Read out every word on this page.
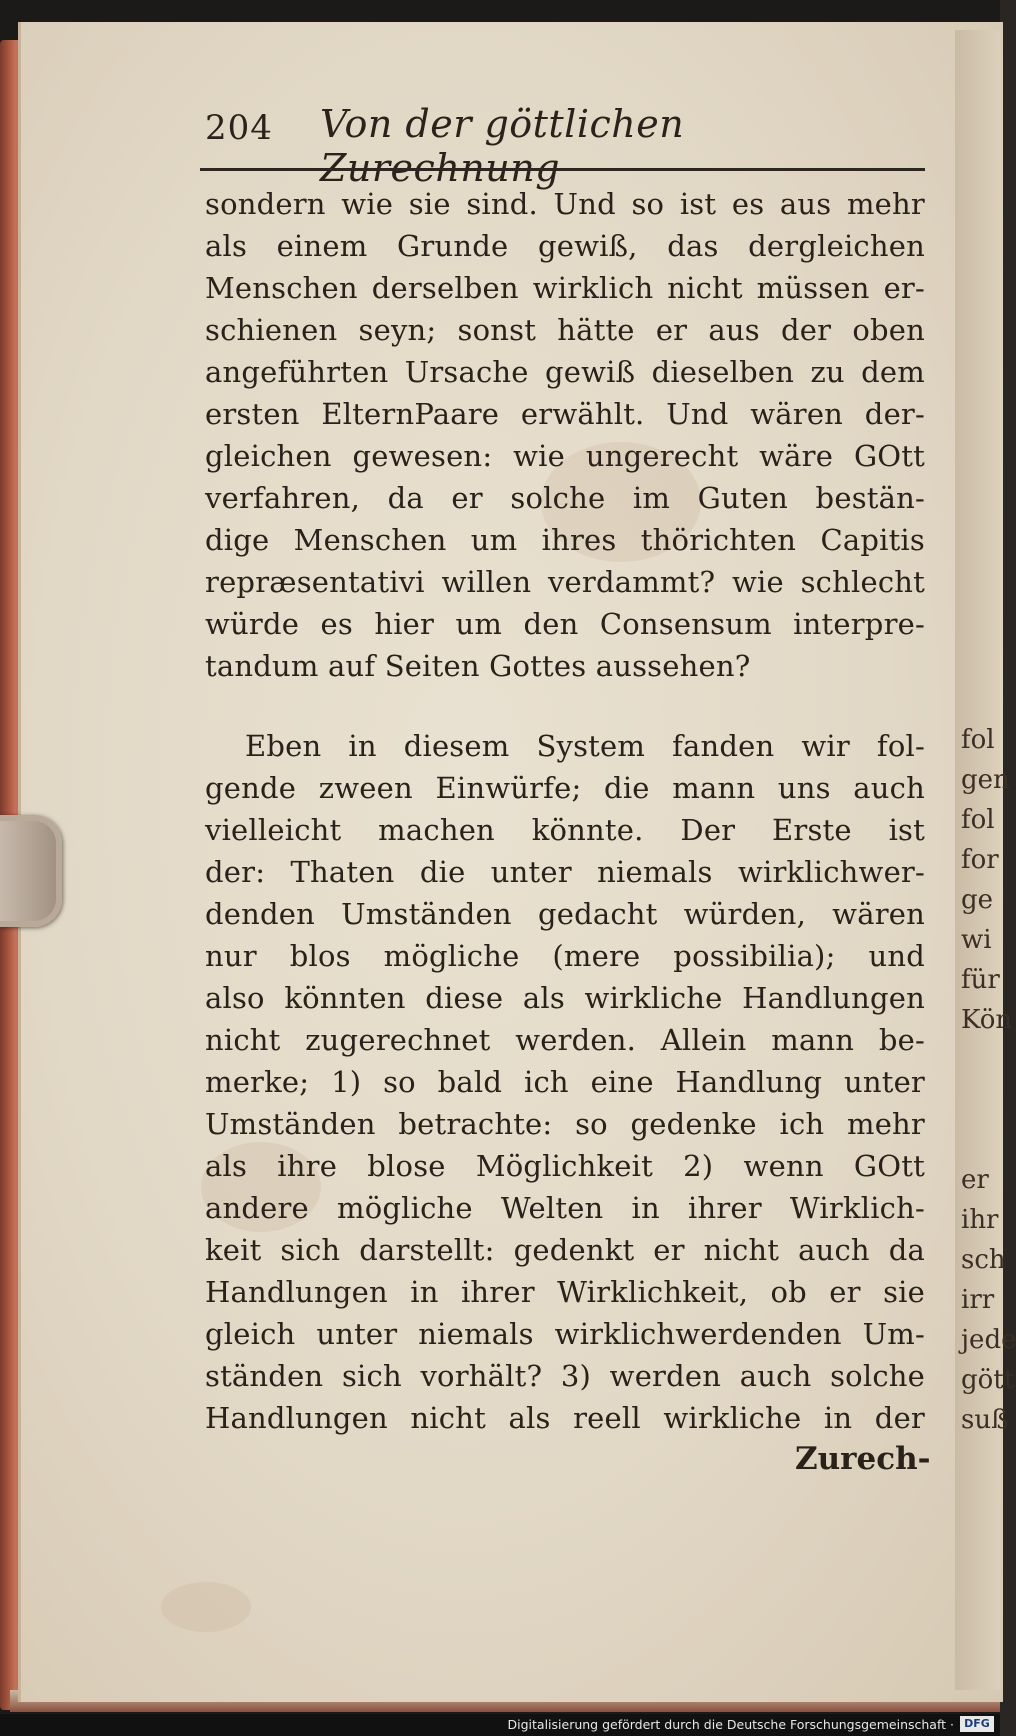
fol
gen
fol
for
ge
wi
für
Kön

er
ihr
sch
irr
jede
gött
suß
204 Von der göttlichen Zurechnung
sondern wie sie sind. Und so ist es aus mehr
als einem Grunde gewiß, das dergleichen
Menschen derselben wirklich nicht müssen er-
schienen seyn; sonst hätte er aus der oben
angeführten Ursache gewiß dieselben zu dem
ersten ElternPaare erwählt. Und wären der-
gleichen gewesen: wie ungerecht wäre GOtt
verfahren, da er solche im Guten bestän-
dige Menschen um ihres thörichten Capitis
repræsentativi willen verdammt? wie schlecht
würde es hier um den Consensum interpre-
tandum auf Seiten Gottes aussehen?
Eben in diesem System fanden wir fol-
gende zween Einwürfe; die mann uns auch
vielleicht machen könnte. Der Erste ist
der: Thaten die unter niemals wirklichwer-
denden Umständen gedacht würden, wären
nur blos mögliche (mere possibilia); und
also könnten diese als wirkliche Handlungen
nicht zugerechnet werden. Allein mann be-
merke; 1) so bald ich eine Handlung unter
Umständen betrachte: so gedenke ich mehr
als ihre blose Möglichkeit 2) wenn GOtt
andere mögliche Welten in ihrer Wirklich-
keit sich darstellt: gedenkt er nicht auch da
Handlungen in ihrer Wirklichkeit, ob er sie
gleich unter niemals wirklichwerdenden Um-
ständen sich vorhält? 3) werden auch solche
Handlungen nicht als reell wirkliche in der
Zurech-
Digitalisierung gefördert durch die Deutsche Forschungsgemeinschaft · DFG
